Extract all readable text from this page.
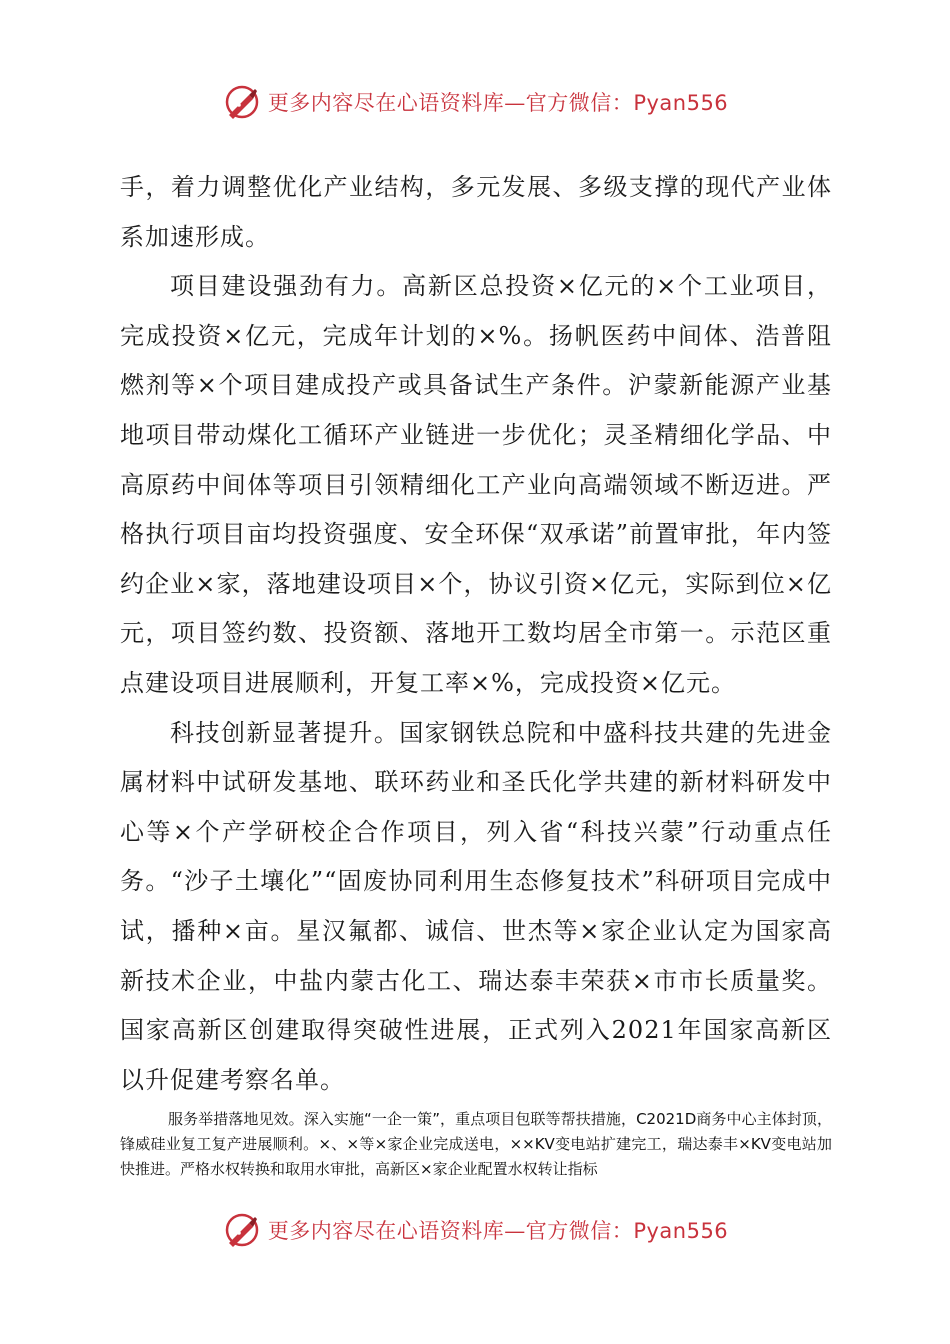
更多内容尽在心语资料库—官方微信：Pyan556

手，着力调整优化产业结构，多元发展、多级支撑的现代产业体系加速形成。

项目建设强劲有力。高新区总投资×亿元的×个工业项目，完成投资×亿元，完成年计划的×%。扬帆医药中间体、浩普阻燃剂等×个项目建成投产或具备试生产条件。沪蒙新能源产业基地项目带动煤化工循环产业链进一步优化；灵圣精细化学品、中高原药中间体等项目引领精细化工产业向高端领域不断迈进。严格执行项目亩均投资强度、安全环保“双承诺”前置审批，年内签约企业×家，落地建设项目×个，协议引资×亿元，实际到位×亿元，项目签约数、投资额、落地开工数均居全市第一。示范区重点建设项目进展顺利，开复工率×%，完成投资×亿元。

科技创新显著提升。国家钢铁总院和中盛科技共建的先进金属材料中试研发基地、联环药业和圣氏化学共建的新材料研发中心等×个产学研校企合作项目，列入省“科技兴蒙”行动重点任务。“沙子土壤化”“固废协同利用生态修复技术”科研项目完成中试，播种×亩。星汉氟都、诚信、世杰等×家企业认定为国家高新技术企业，中盐内蒙古化工、瑞达泰丰荣获×市市长质量奖。国家高新区创建取得突破性进展，正式列入2021年国家高新区以升促建考察名单。

服务举措落地见效。深入实施“一企一策”，重点项目包联等帮扶措施，C2021D商务中心主体封顶，锋威硅业复工复产进展顺利。×、×等×家企业完成送电，××KV变电站扩建完工，瑞达泰丰×KV变电站加快推进。严格水权转换和取用水审批，高新区×家企业配置水权转让指标

更多内容尽在心语资料库—官方微信：Pyan556
